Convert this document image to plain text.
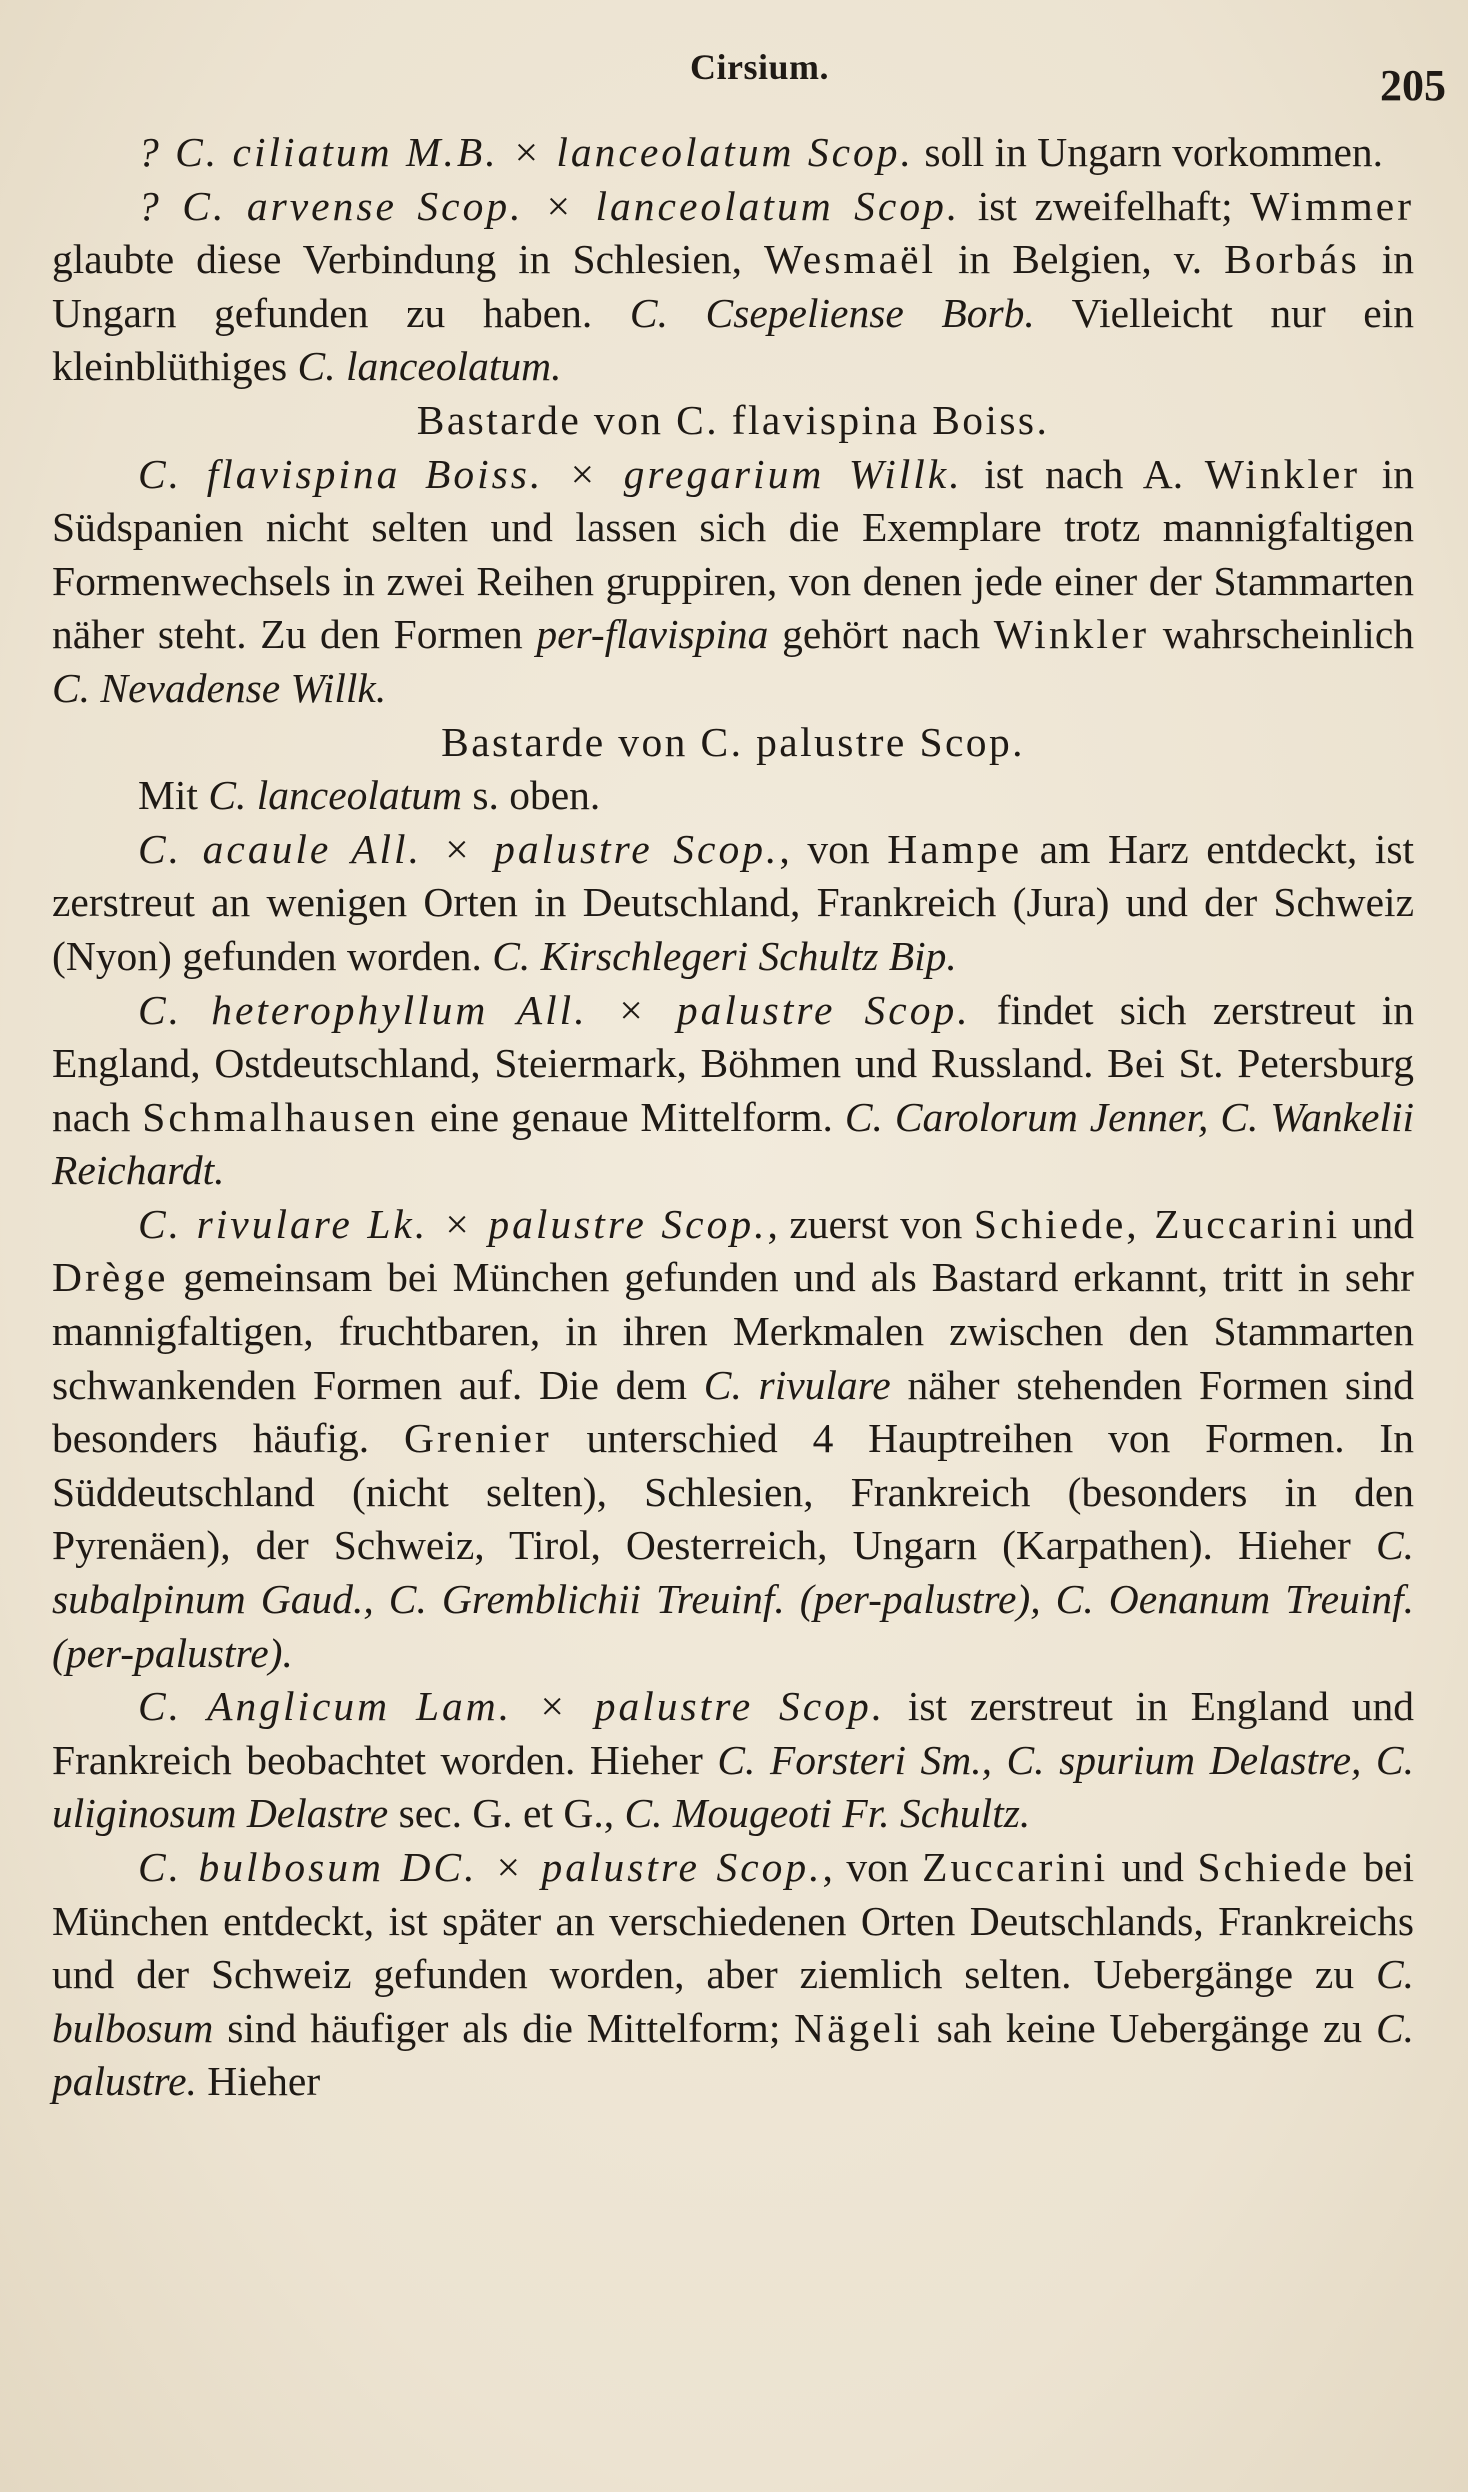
Cirsium.	205

? C. ciliatum M.B. × lanceolatum Scop. soll in Ungarn vorkommen.

? C. arvense Scop. × lanceolatum Scop. ist zweifelhaft; Wimmer glaubte diese Verbindung in Schlesien, Wesmaël in Belgien, v. Borbás in Ungarn gefunden zu haben. C. Csepeliense Borb. Vielleicht nur ein kleinblüthiges C. lanceolatum.

Bastarde von C. flavispina Boiss.

C. flavispina Boiss. × gregarium Willk. ist nach A. Winkler in Südspanien nicht selten und lassen sich die Exemplare trotz mannigfaltigen Formenwechsels in zwei Reihen gruppiren, von denen jede einer der Stammarten näher steht. Zu den Formen per-flavispina gehört nach Winkler wahrscheinlich C. Nevadense Willk.

Bastarde von C. palustre Scop.

Mit C. lanceolatum s. oben.

C. acaule All. × palustre Scop., von Hampe am Harz entdeckt, ist zerstreut an wenigen Orten in Deutschland, Frankreich (Jura) und der Schweiz (Nyon) gefunden worden. C. Kirschlegeri Schultz Bip.

C. heterophyllum All. × palustre Scop. findet sich zerstreut in England, Ostdeutschland, Steiermark, Böhmen und Russland. Bei St. Petersburg nach Schmalhausen eine genaue Mittelform. C. Carolorum Jenner, C. Wankelii Reichardt.

C. rivulare Lk. × palustre Scop., zuerst von Schiede, Zuccarini und Drège gemeinsam bei München gefunden und als Bastard erkannt, tritt in sehr mannigfaltigen, fruchtbaren, in ihren Merkmalen zwischen den Stammarten schwankenden Formen auf. Die dem C. rivulare näher stehenden Formen sind besonders häufig. Grenier unterschied 4 Hauptreihen von Formen. In Süddeutschland (nicht selten), Schlesien, Frankreich (besonders in den Pyrenäen), der Schweiz, Tirol, Oesterreich, Ungarn (Karpathen). Hieher C. subalpinum Gaud., C. Gremblichii Treuinf. (per-palustre), C. Oenanum Treuinf. (per-palustre).

C. Anglicum Lam. × palustre Scop. ist zerstreut in England und Frankreich beobachtet worden. Hieher C. Forsteri Sm., C. spurium Delastre, C. uliginosum Delastre sec. G. et G., C. Mougeoti Fr. Schultz.

C. bulbosum DC. × palustre Scop., von Zuccarini und Schiede bei München entdeckt, ist später an verschiedenen Orten Deutschlands, Frankreichs und der Schweiz gefunden worden, aber ziemlich selten. Uebergänge zu C. bulbosum sind häufiger als die Mittelform; Nägeli sah keine Uebergänge zu C. palustre. Hieher
